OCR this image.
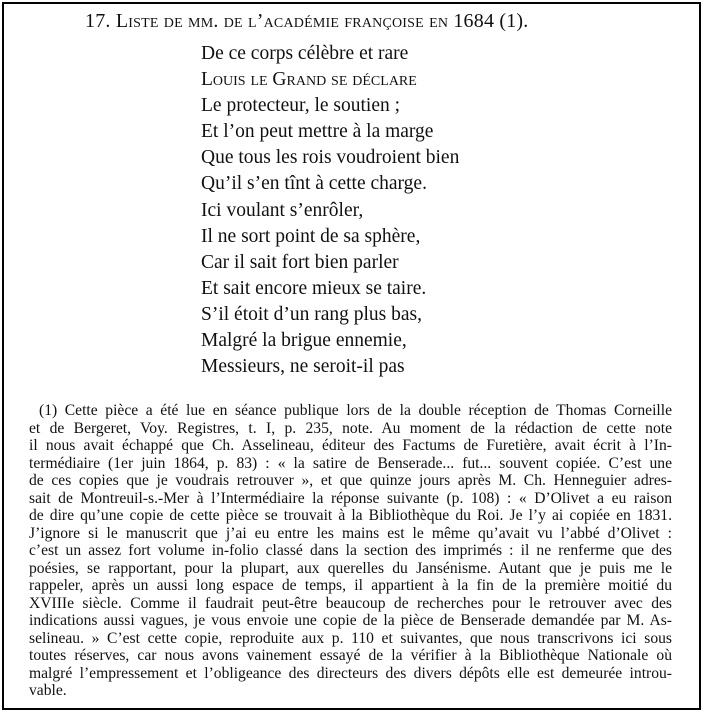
17. Liste de mm. de l’académie françoise en 1684 (1).
De ce corps célèbre et rare
Louis le Grand se déclare
Le protecteur, le soutien ;
Et l’on peut mettre à la marge
Que tous les rois voudroient bien
Qu’il s’en tînt à cette charge.
Ici voulant s’enrôler,
Il ne sort point de sa sphère,
Car il sait fort bien parler
Et sait encore mieux se taire.
S’il étoit d’un rang plus bas,
Malgré la brigue ennemie,
Messieurs, ne seroit-il pas
(1) Cette pièce a été lue en séance publique lors de la double réception de Thomas Corneille
et de Bergeret, Voy. Registres, t. I, p. 235, note. Au moment de la rédaction de cette note
il nous avait échappé que Ch. Asselineau, éditeur des Factums de Furetière, avait écrit à l’In-
termédiaire (1er juin 1864, p. 83) : « la satire de Benserade... fut... souvent copiée. C’est une
de ces copies que je voudrais retrouver », et que quinze jours après M. Ch. Henneguier adres-
sait de Montreuil-s.-Mer à l’Intermédiaire la réponse suivante (p. 108) : « D’Olivet a eu raison
de dire qu’une copie de cette pièce se trouvait à la Bibliothèque du Roi. Je l’y ai copiée en 1831.
J’ignore si le manuscrit que j’ai eu entre les mains est le même qu’avait vu l’abbé d’Olivet :
c’est un assez fort volume in-folio classé dans la section des imprimés : il ne renferme que des
poésies, se rapportant, pour la plupart, aux querelles du Jansénisme. Autant que je puis me le
rappeler, après un aussi long espace de temps, il appartient à la fin de la première moitié du
XVIIIe siècle. Comme il faudrait peut-être beaucoup de recherches pour le retrouver avec des
indications aussi vagues, je vous envoie une copie de la pièce de Benserade demandée par M. As-
selineau. » C’est cette copie, reproduite aux p. 110 et suivantes, que nous transcrivons ici sous
toutes réserves, car nous avons vainement essayé de la vérifier à la Bibliothèque Nationale où
malgré l’empressement et l’obligeance des directeurs des divers dépôts elle est demeurée introu-
vable.
